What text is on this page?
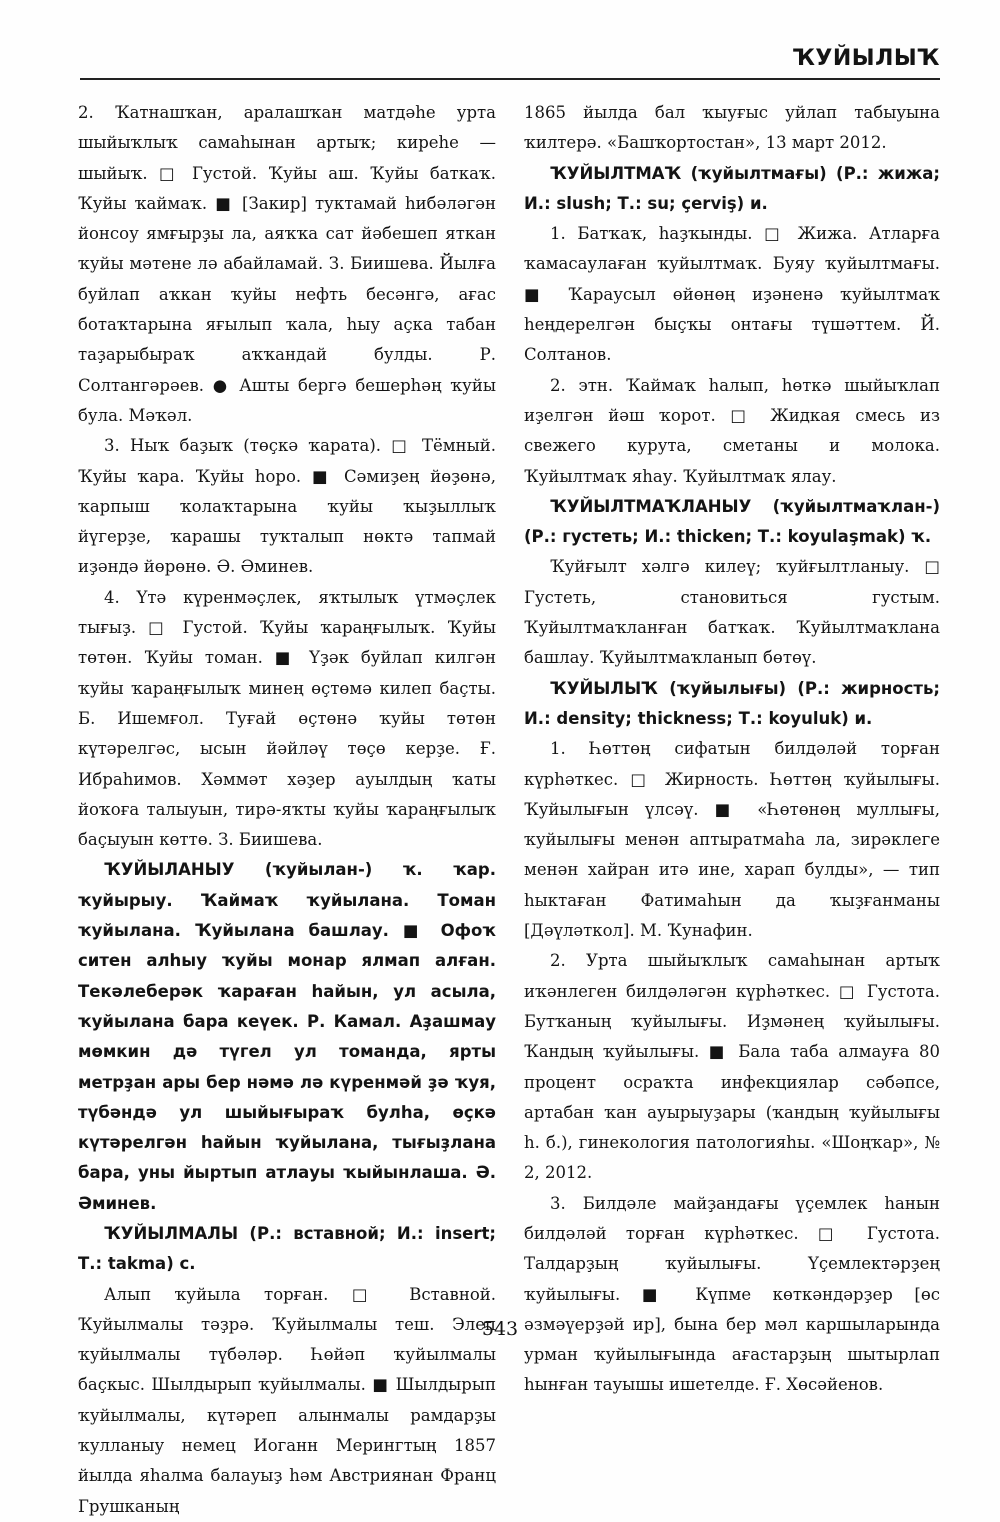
ҠУЙЫЛЫҠ

2. Ҡатнашҡан, аралашҡан матдәһе урта шыйыҡлыҡ самаһынан артыҡ; киреһе — шыйыҡ. □ Густой. Ҡуйы аш. Ҡуйы баткаҡ. Ҡуйы ҡаймаҡ. ■ [Закир] туктамай һибәләгән йонсоу ямғырҙы ла, аяҡҡа сат йәбешеп яткан ҡуйы мәтене лә абайламай. З. Биишева. Йылға буйлап аҡкан ҡуйы нефть бесәнгә, ағас ботаҡтарына яғылып ҡала, һыу аҫка табан таҙарыбыраҡ аҡҡандай булды. Р. Солтангәрәев. ● Ашты бергә бешерһәң ҡуйы була. Мәҡәл.

3. Ныҡ баҙыҡ (төҫкә ҡарата). □ Тёмный. Ҡуйы ҡара. Ҡуйы һоро. ■ Сәмиҙең йөҙөнә, ҡарпыш ҡолаҡтарына ҡуйы ҡыҙыллыҡ йүгерҙе, ҡарашы туҡталып нөктә тапмай иҙәндә йөрөнө. Ә. Әминев.

4. Үтә күренмәҫлек, яҡтылыҡ үтмәҫлек тығыҙ. □ Густой. Ҡуйы ҡараңғылыҡ. Ҡуйы төтөн. Ҡуйы томан. ■ Үҙәк буйлап килгән ҡуйы ҡараңғылыҡ минең өҫтөмә килеп баҫты. Б. Ишемғол. Туғай өҫтөнә ҡуйы төтөн күтәрелгәс, ысын йәйләү төҫө керҙе. Ғ. Ибраһимов. Хәммәт хәҙер ауылдың ҡаты йоҡоға талыуын, тирә-яҡты ҡуйы ҡараңғылыҡ баҫыуын көттө. З. Биишева.

ҠУЙЫЛАНЫУ (ҡуйылан-) ҡ. ҡар. ҡуйырыу. Ҡаймаҡ ҡуйылана. Томан ҡуйылана. Ҡуйылана башлау. ■ Офоҡ ситен алһыу ҡуйы монар ялмап алған. Текәлеберәк ҡараған һайын, ул асыла, ҡуйылана бара кеүек. Р. Камал. Аҙашмау мөмкин дә түгел ул томанда, ярты метрҙан ары бер нәмә лә күренмәй ҙә ҡуя, түбәндә ул шыйығыраҡ булһа, өҫкә күтәрелгән һайын ҡуйылана, тығыҙлана бара, уны йыртып атлауы ҡыйынлаша. Ә. Әминев.

ҠУЙЫЛМАЛЫ (Р.: вставной; И.: insert; Т.: takma) с.

Алып ҡуйыла торған. □ Вставной. Ҡуйылмалы тәҙрә. Ҡуйылмалы теш. Элеп ҡуйылмалы түбәләр. Һөйәп ҡуйылмалы баҫкыс. Шылдырып ҡуйылмалы. ■ Шылдырып ҡуйылмалы, күтәреп алынмалы рамдарҙы ҡулланыу немец Иоганн Мерингтың 1857 йылда яһалма балауыҙ һәм Австриянан Франц Грушканың

1865 йылда бал ҡыуғыс уйлап табыуына ҡилтерә. «Башҡортостан», 13 март 2012.

ҠУЙЫЛТМАҠ (ҡуйылтмағы) (Р.: жижа; И.: slush; Т.: su; çerviş) и.

1. Батҡаҡ, һаҙҡынды. □ Жижа. Атларға ҡамасаулаған ҡуйылтмаҡ. Буяу ҡуйылтмағы. ■ Ҡараусыл өйөнөң иҙәненә ҡуйылтмаҡ һеңдерелгән быҫҡы онтағы түшәттем. Й. Солтанов.

2. этн. Ҡаймаҡ һалып, һөткә шыйыҡлап иҙелгән йәш ҡорот. □ Жидкая смесь из свежего курута, сметаны и молока. Ҡуйылтмаҡ яһау. Ҡуйылтмаҡ ялау.

ҠУЙЫЛТМАҠЛАНЫУ (ҡуйылтмаҡлан-) (Р.: густеть; И.: thicken; Т.: koyulaşmak) ҡ.

Ҡуйғылт хәлгә килеү; ҡуйғылтланыу. □ Густеть, становиться густым. Ҡуйылтмаҡланған батҡаҡ. Ҡуйылтмаҡлана башлау. Ҡуйылтмаҡланып бөтөү.

ҠУЙЫЛЫҠ (ҡуйылығы) (Р.: жирность; И.: density; thickness; Т.: koyuluk) и.

1. Һөттөң сифатын билдәләй торған күрһәткес. □ Жирность. Һөттөң ҡуйылығы. Ҡуйылығын үлсәү. ■ «Һөтөнөң муллығы, ҡуйылығы менән аптыратмаһа ла, зирәклеге менән хайран итә ине, харап булды», — тип һыктаған Фатимаһын да ҡыҙғанманы [Дәүләткол]. М. Ҡунафин.

2. Урта шыйыҡлыҡ самаһынан артыҡ иҡәнлеген билдәләгән күрһәткес. □ Густота. Бутҡаның ҡуйылығы. Иҙмәнең ҡуйылығы. Ҡандың ҡуйылығы. ■ Бала таба алмауға 80 процент осраҡта инфекциялар сәбәпсе, артабан ҡан ауырыуҙары (ҡандың ҡуйылығы һ. б.), гинекология патологияһы. «Шоңҡар», № 2, 2012.

3. Билдәле майҙандағы үҫемлек һанын билдәләй торған күрһәткес. □ Густота. Талдарҙың ҡуйылығы. Үҫемлектәрҙең ҡуйылығы. ■ Күпме көткәндәрҙер [өс әзмәүерҙәй ир], бына бер мәл каршыларында урман ҡуйылығында ағастарҙың шытырлап һынған тауышы ишетелде. Ғ. Хөсәйенов.

543
